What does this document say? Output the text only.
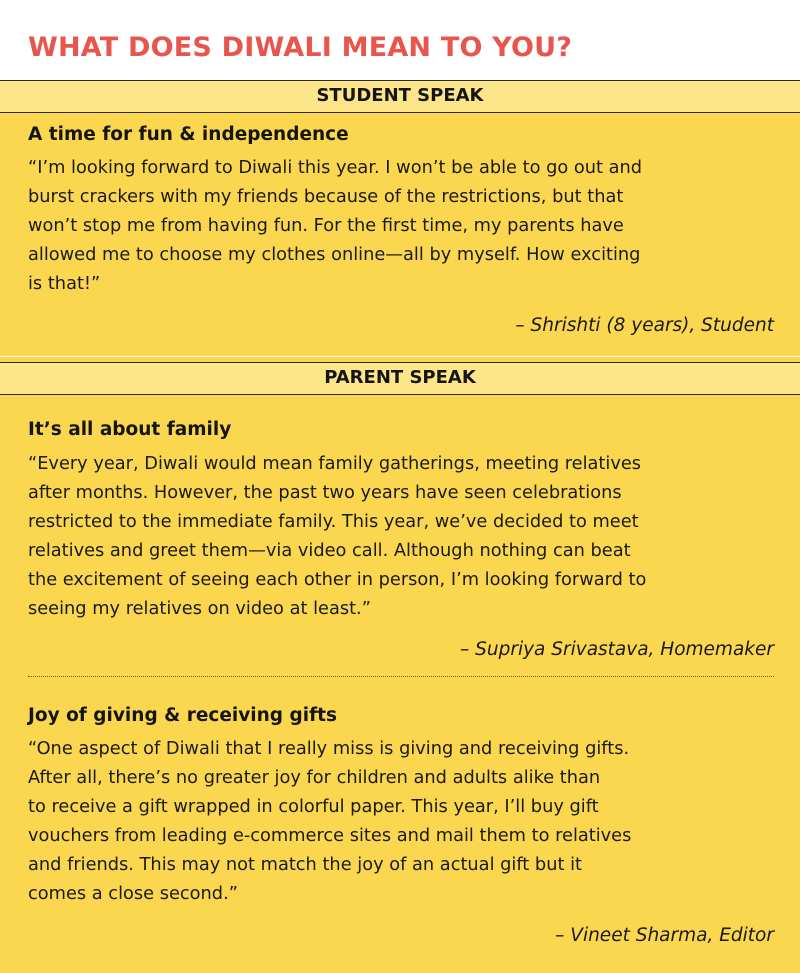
WHAT DOES DIWALI MEAN TO YOU?
STUDENT SPEAK
A time for fun & independence

“I’m looking forward to Diwali this year. I won’t be able to go out and
burst crackers with my friends because of the restrictions, but that
won’t stop me from having fun. For the first time, my parents have
allowed me to choose my clothes online—all by myself. How exciting
is that!”

– Shrishti (8 years), Student
PARENT SPEAK
It’s all about family

“Every year, Diwali would mean family gatherings, meeting relatives
after months. However, the past two years have seen celebrations
restricted to the immediate family. This year, we’ve decided to meet
relatives and greet them—via video call. Although nothing can beat
the excitement of seeing each other in person, I’m looking forward to
seeing my relatives on video at least.”

– Supriya Srivastava, Homemaker
Joy of giving & receiving gifts

“One aspect of Diwali that I really miss is giving and receiving gifts.
After all, there’s no greater joy for children and adults alike than
to receive a gift wrapped in colorful paper. This year, I’ll buy gift
vouchers from leading e-commerce sites and mail them to relatives
and friends. This may not match the joy of an actual gift but it
comes a close second.”

– Vineet Sharma, Editor
